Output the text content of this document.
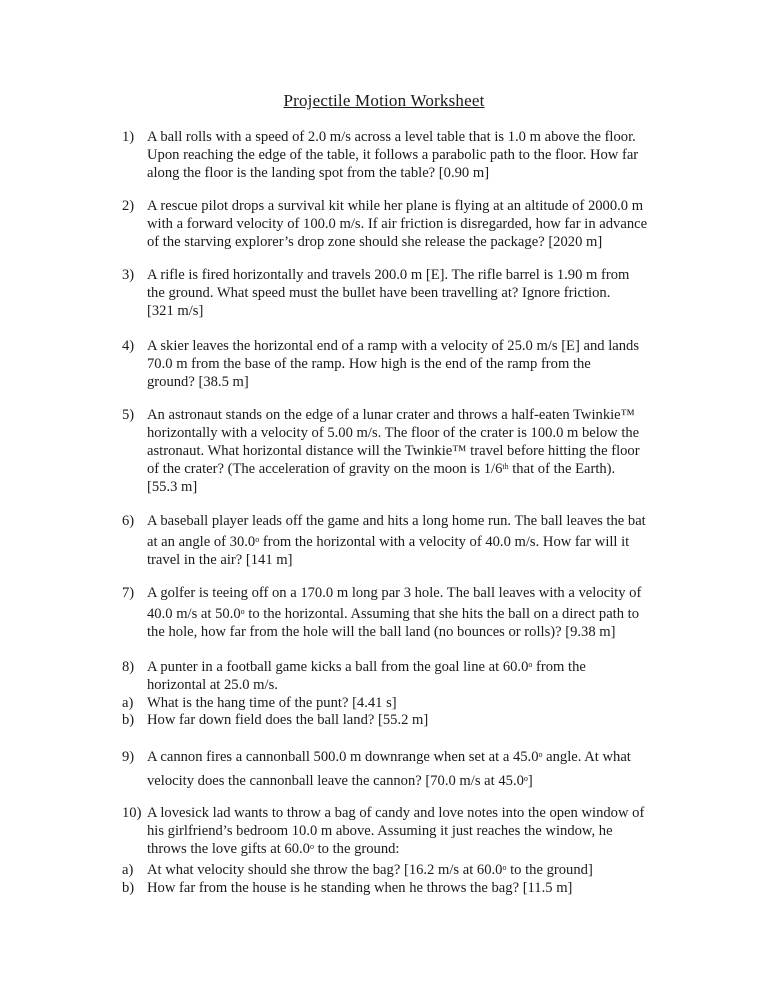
Projectile Motion Worksheet
1) A ball rolls with a speed of 2.0 m/s across a level table that is 1.0 m above the floor.
Upon reaching the edge of the table, it follows a parabolic path to the floor. How far
along the floor is the landing spot from the table? [0.90 m]
2) A rescue pilot drops a survival kit while her plane is flying at an altitude of 2000.0 m
with a forward velocity of 100.0 m/s. If air friction is disregarded, how far in advance
of the starving explorer’s drop zone should she release the package? [2020 m]
3) A rifle is fired horizontally and travels 200.0 m [E]. The rifle barrel is 1.90 m from
the ground. What speed must the bullet have been travelling at? Ignore friction.
[321 m/s]
4) A skier leaves the horizontal end of a ramp with a velocity of 25.0 m/s [E] and lands
70.0 m from the base of the ramp. How high is the end of the ramp from the
ground? [38.5 m]
5) An astronaut stands on the edge of a lunar crater and throws a half-eaten Twinkie™
horizontally with a velocity of 5.00 m/s. The floor of the crater is 100.0 m below the
astronaut. What horizontal distance will the Twinkie™ travel before hitting the floor
of the crater? (The acceleration of gravity on the moon is 1/6th that of the Earth).
[55.3 m]
6) A baseball player leads off the game and hits a long home run. The ball leaves the bat
at an angle of 30.0$^o$ from the horizontal with a velocity of 40.0 m/s. How far will it
travel in the air? [141 m]
7) A golfer is teeing off on a 170.0 m long par 3 hole. The ball leaves with a velocity of
40.0 m/s at 50.0$^o$ to the horizontal. Assuming that she hits the ball on a direct path to
the hole, how far from the hole will the ball land (no bounces or rolls)? [9.38 m]
8) A punter in a football game kicks a ball from the goal line at 60.0$^o$ from the
horizontal at 25.0 m/s.
a) What is the hang time of the punt? [4.41 s]
b) How far down field does the ball land? [55.2 m]
9) A cannon fires a cannonball 500.0 m downrange when set at a 45.0$^o$ angle. At what
velocity does the cannonball leave the cannon? [70.0 m/s at 45.0$^o$]
10) A lovesick lad wants to throw a bag of candy and love notes into the open window of
his girlfriend’s bedroom 10.0 m above. Assuming it just reaches the window, he
throws the love gifts at 60.0$^o$ to the ground:
a) At what velocity should she throw the bag? [16.2 m/s at 60.0$^o$ to the ground]
b) How far from the house is he standing when he throws the bag? [11.5 m]
